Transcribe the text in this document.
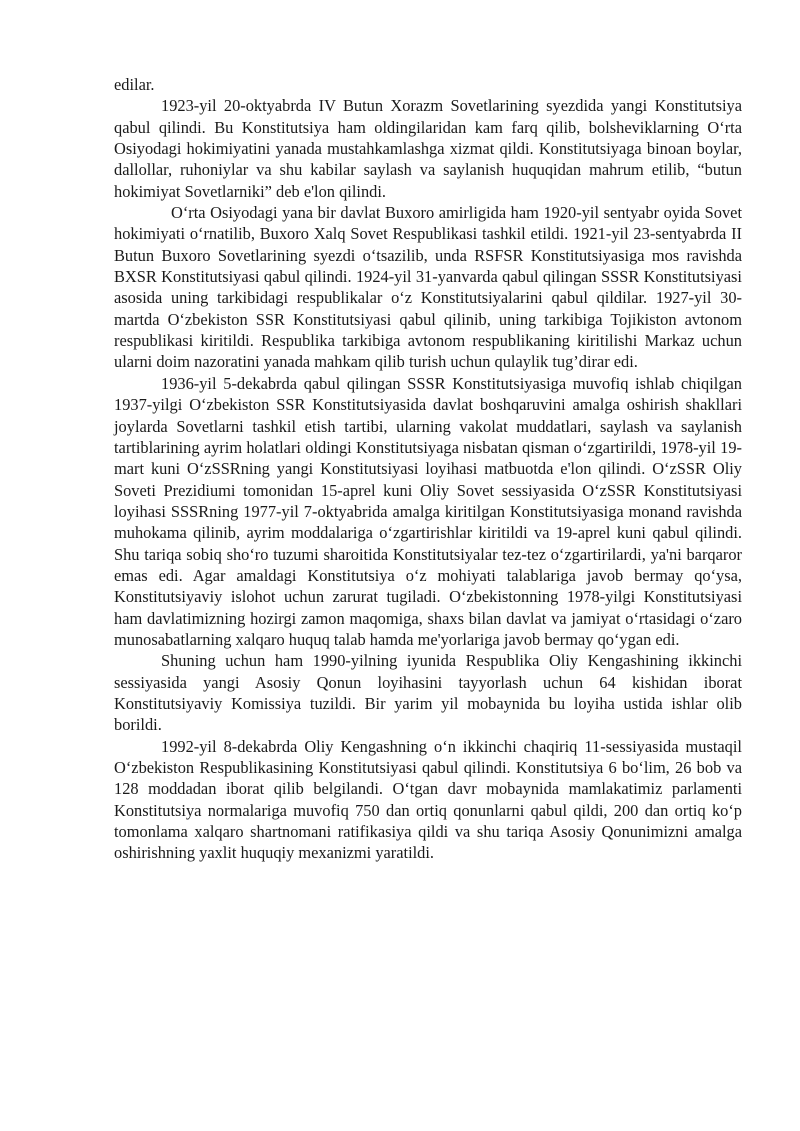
edilar.

1923-yil 20-oktyabrda IV Butun Xorazm Sovetlarining syezdida yangi Konstitutsiya qabul qilindi. Bu Konstitutsiya ham oldingilaridan kam farq qilib, bolsheviklarning O‘rta Osiyodagi hokimiyatini yanada mustahkamlashga xizmat qildi. Konstitutsiyaga binoan boylar, dallollar, ruhoniylar va shu kabilar saylash va saylanish huquqidan mahrum etilib, “butun hokimiyat Sovetlarniki” deb e'lon qilindi.

O‘rta Osiyodagi yana bir davlat Buxoro amirligida ham 1920-yil sentyabr oyida Sovet hokimiyati o‘rnatilib, Buxoro Xalq Sovet Respublikasi tashkil etildi. 1921-yil 23-sentyabrda II Butun Buxoro Sovetlarining syezdi o‘tsazilib, unda RSFSR Konstitutsiyasiga mos ravishda BXSR Konstitutsiyasi qabul qilindi. 1924-yil 31-yanvarda qabul qilingan SSSR Konstitutsiyasi asosida uning tarkibidagi respublikalar o‘z Konstitutsiyalarini qabul qildilar. 1927-yil 30-martda O‘zbekiston SSR Konstitutsiyasi qabul qilinib, uning tarkibiga Tojikiston avtonom respublikasi kiritildi. Respublika tarkibiga avtonom respublikaning kiritilishi Markaz uchun ularni doim nazoratini yanada mahkam qilib turish uchun qulaylik tug’dirar edi.

1936-yil 5-dekabrda qabul qilingan SSSR Konstitutsiyasiga muvofiq ishlab chiqilgan 1937-yilgi O‘zbekiston SSR Konstitutsiyasida davlat boshqaruvini amalga oshirish shakllari joylarda Sovetlarni tashkil etish tartibi, ularning vakolat muddatlari, saylash va saylanish tartiblarining ayrim holatlari oldingi Konstitutsiyaga nisbatan qisman o‘zgartirildi, 1978-yil 19-mart kuni O‘zSSRning yangi Konstitutsiyasi loyihasi matbuotda e'lon qilindi. O‘zSSR Oliy Soveti Prezidiumi tomonidan 15-aprel kuni Oliy Sovet sessiyasida O‘zSSR Konstitutsiyasi loyihasi SSSRning 1977-yil 7-oktyabrida amalga kiritilgan Konstitutsiyasiga monand ravishda muhokama qilinib, ayrim moddalariga o‘zgartirishlar kiritildi va 19-aprel kuni qabul qilindi. Shu tariqa sobiq sho‘ro tuzumi sharoitida Konstitutsiyalar tez-tez o‘zgartirilardi, ya'ni barqaror emas edi. Agar amaldagi Konstitutsiya o‘z mohiyati talablariga javob bermay qo‘ysa, Konstitutsiyaviy islohot uchun zarurat tugiladi. O‘zbekistonning 1978-yilgi Konstitutsiyasi ham davlatimizning hozirgi zamon maqomiga, shaxs bilan davlat va jamiyat o‘rtasidagi o‘zaro munosabatlarning xalqaro huquq talab hamda me'yorlariga javob bermay qo‘ygan edi.

Shuning uchun ham 1990-yilning iyunida Respublika Oliy Kengashining ikkinchi sessiyasida yangi Asosiy Qonun loyihasini tayyorlash uchun 64 kishidan iborat Konstitutsiyaviy Komissiya tuzildi. Bir yarim yil mobaynida bu loyiha ustida ishlar olib borildi.

1992-yil 8-dekabrda Oliy Kengashning o‘n ikkinchi chaqiriq 11-sessiyasida mustaqil O‘zbekiston Respublikasining Konstitutsiyasi qabul qilindi. Konstitutsiya 6 bo‘lim, 26 bob va 128 moddadan iborat qilib belgilandi. O‘tgan davr mobaynida mamlakatimiz parlamenti Konstitutsiya normalariga muvofiq 750 dan ortiq qonunlarni qabul qildi, 200 dan ortiq ko‘p tomonlama xalqaro shartnomani ratifikasiya qildi va shu tariqa Asosiy Qonunimizni amalga oshirishning yaxlit huquqiy mexanizmi yaratildi.
